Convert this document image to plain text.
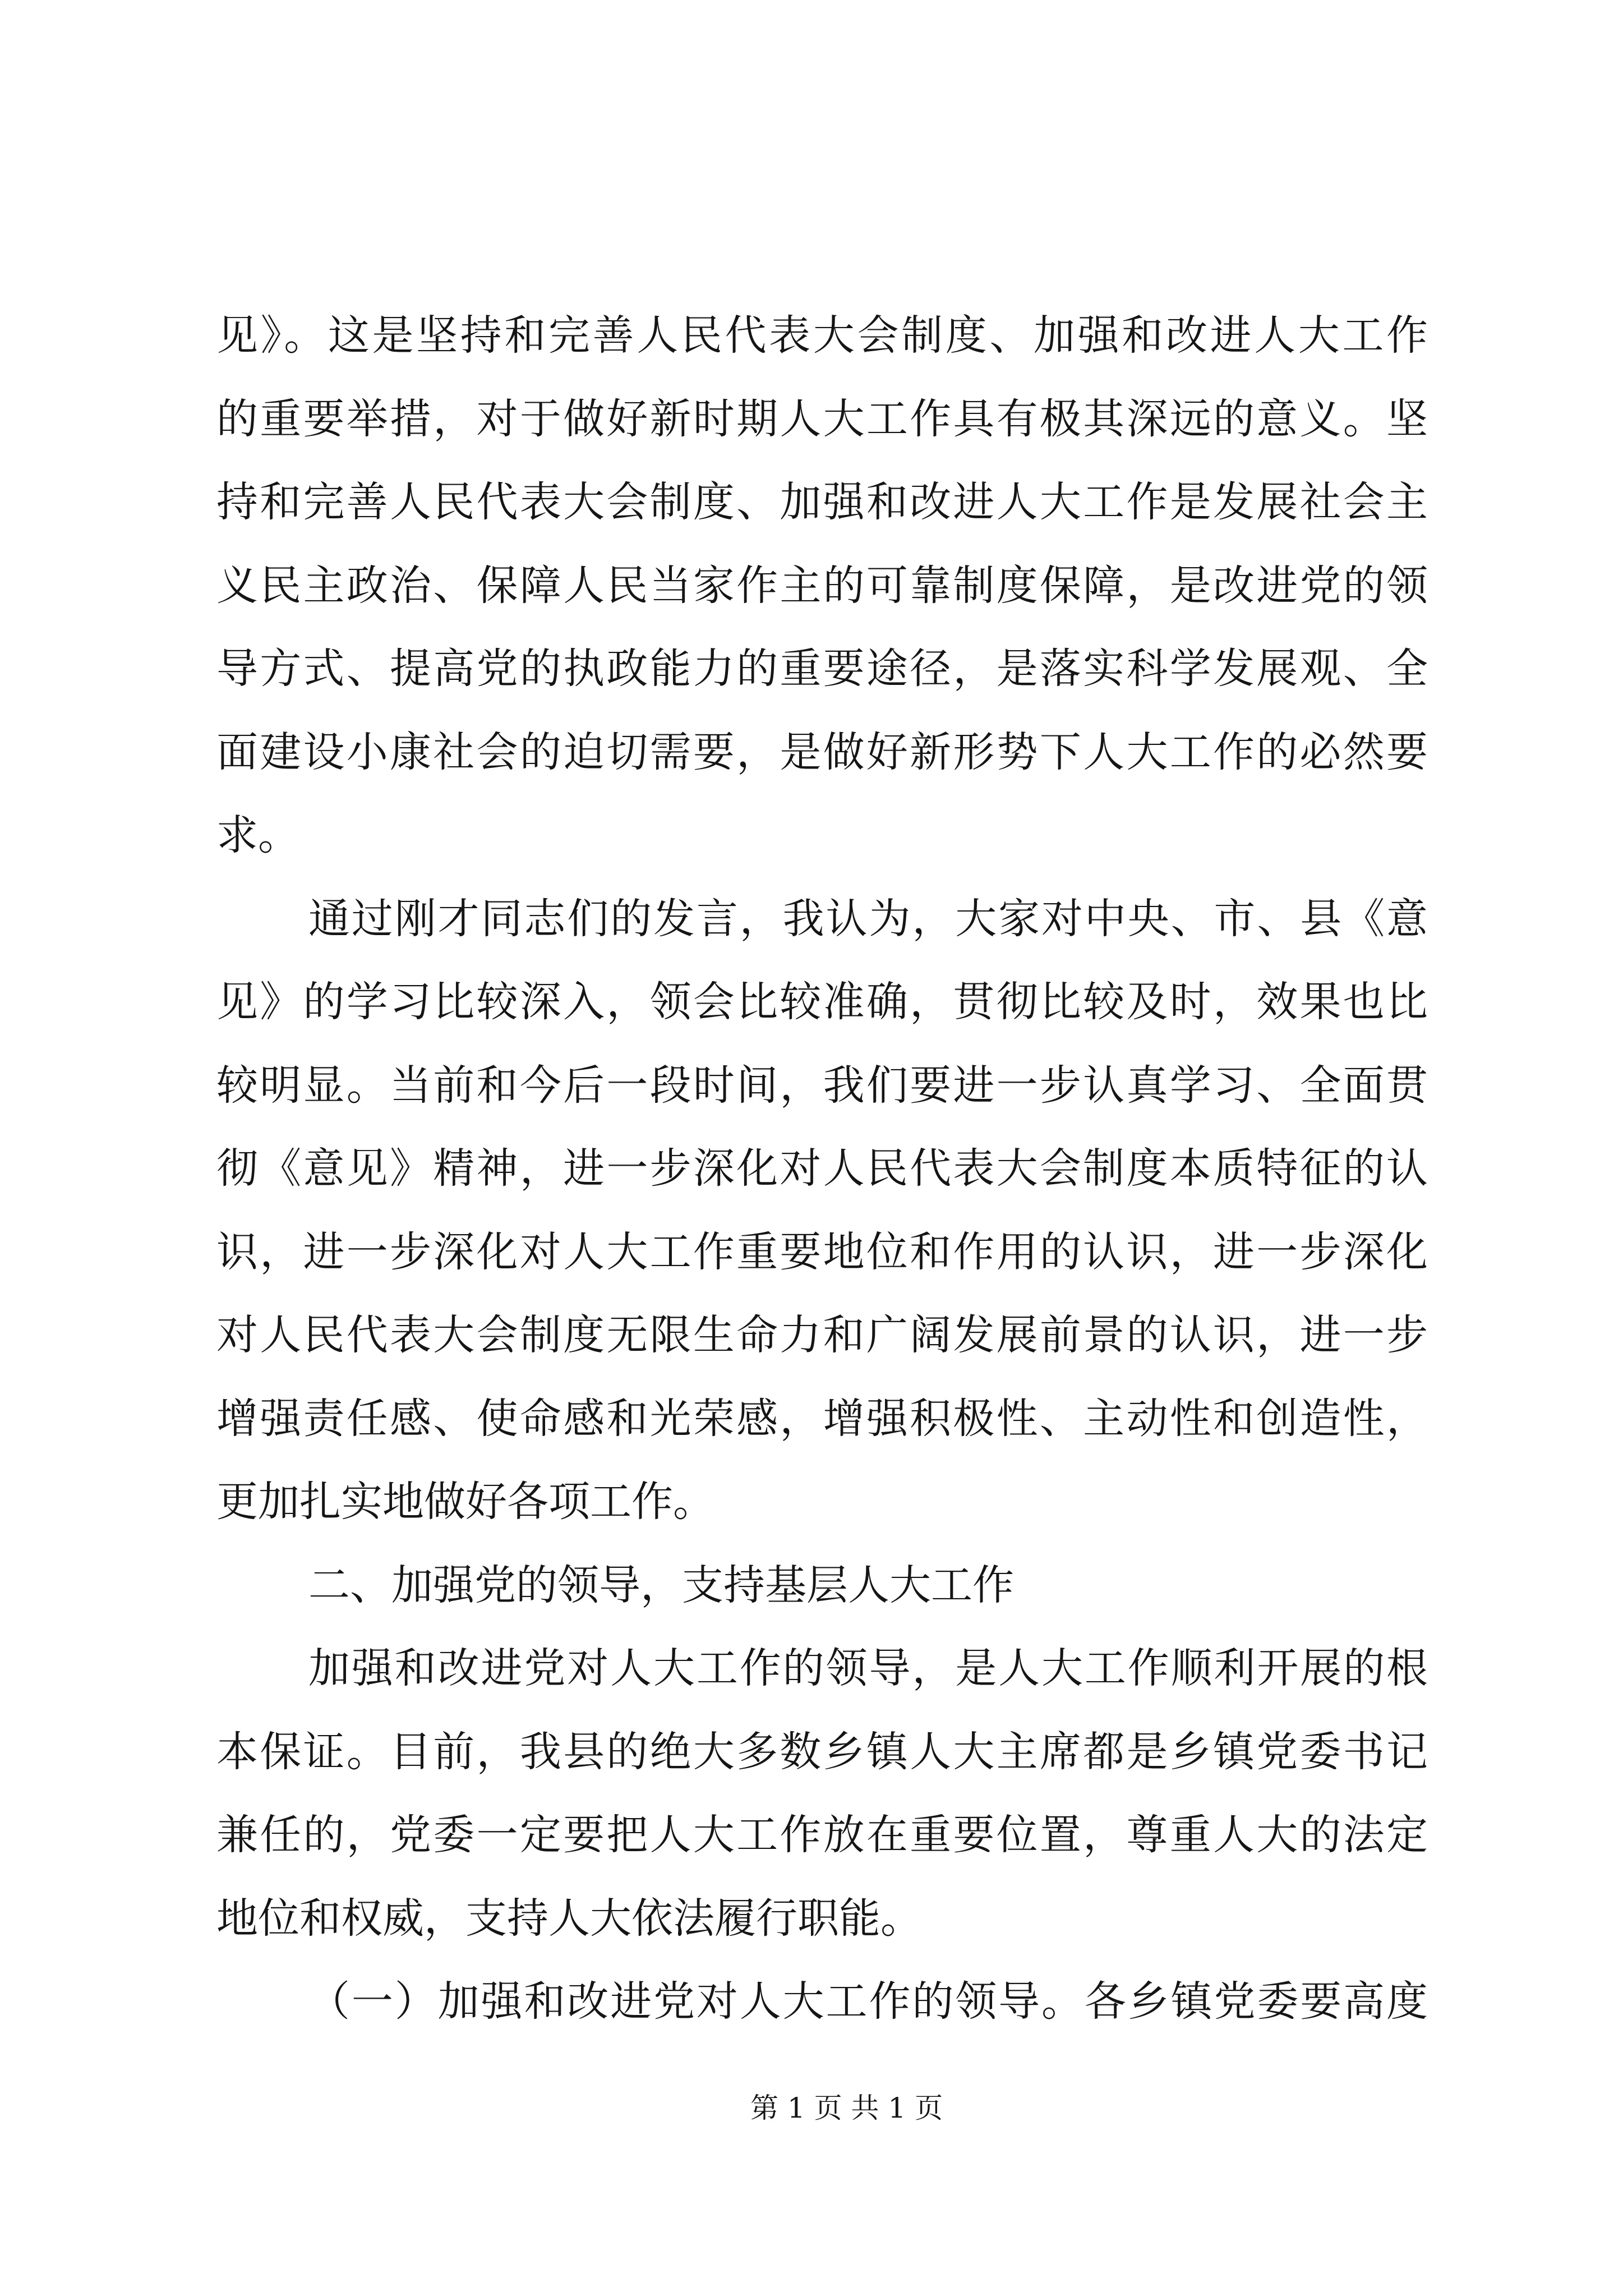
见》。这是坚持和完善人民代表大会制度、加强和改进人大工作
的重要举措，对于做好新时期人大工作具有极其深远的意义。坚
持和完善人民代表大会制度、加强和改进人大工作是发展社会主
义民主政治、保障人民当家作主的可靠制度保障，是改进党的领
导方式、提高党的执政能力的重要途径，是落实科学发展观、全
面建设小康社会的迫切需要，是做好新形势下人大工作的必然要
求。
通过刚才同志们的发言，我认为，大家对中央、市、县《意
见》的学习比较深入，领会比较准确，贯彻比较及时，效果也比
较明显。当前和今后一段时间，我们要进一步认真学习、全面贯
彻《意见》精神，进一步深化对人民代表大会制度本质特征的认
识，进一步深化对人大工作重要地位和作用的认识，进一步深化
对人民代表大会制度无限生命力和广阔发展前景的认识，进一步
增强责任感、使命感和光荣感，增强积极性、主动性和创造性，
更加扎实地做好各项工作。
二、加强党的领导，支持基层人大工作
加强和改进党对人大工作的领导，是人大工作顺利开展的根
本保证。目前，我县的绝大多数乡镇人大主席都是乡镇党委书记
兼任的，党委一定要把人大工作放在重要位置，尊重人大的法定
地位和权威，支持人大依法履行职能。
（一）加强和改进党对人大工作的领导。各乡镇党委要高度
第 1 页 共 1 页
